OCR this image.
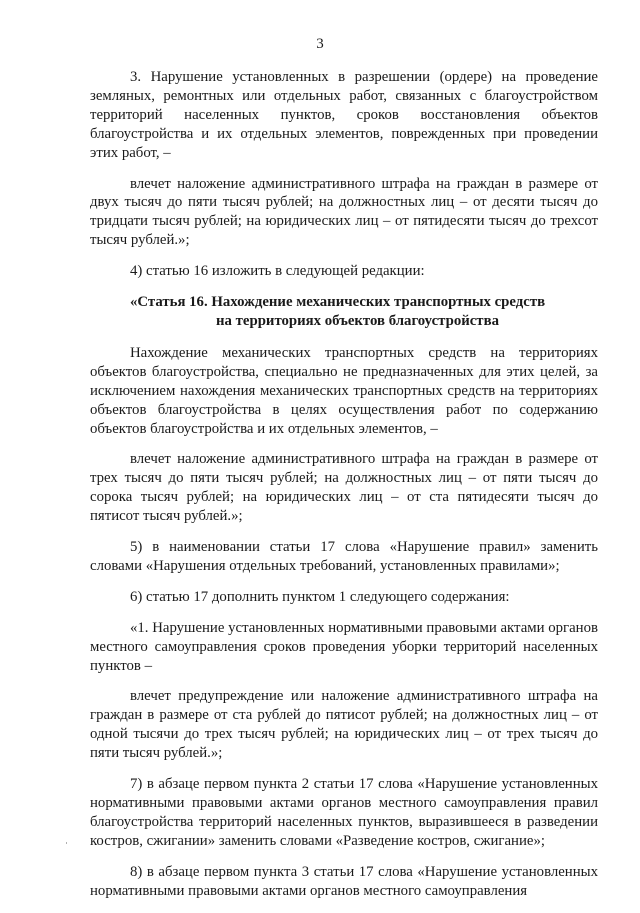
3

3. Нарушение установленных в разрешении (ордере) на проведение земляных, ремонтных или отдельных работ, связанных с благоустройством территорий населенных пунктов, сроков восстановления объектов благоустройства и их отдельных элементов, поврежденных при проведении этих работ, –

влечет наложение административного штрафа на граждан в размере от двух тысяч до пяти тысяч рублей; на должностных лиц – от десяти тысяч до тридцати тысяч рублей; на юридических лиц – от пятидесяти тысяч до трехсот тысяч рублей.»;

4) статью 16 изложить в следующей редакции:

«Статья 16. Нахождение механических транспортных средств
на территориях объектов благоустройства

Нахождение механических транспортных средств на территориях объектов благоустройства, специально не предназначенных для этих целей, за исключением нахождения механических транспортных средств на территориях объектов благоустройства в целях осуществления работ по содержанию объектов благоустройства и их отдельных элементов, –

влечет наложение административного штрафа на граждан в размере от трех тысяч до пяти тысяч рублей; на должностных лиц – от пяти тысяч до сорока тысяч рублей; на юридических лиц – от ста пятидесяти тысяч до пятисот тысяч рублей.»;

5) в наименовании статьи 17 слова «Нарушение правил» заменить словами «Нарушения отдельных требований, установленных правилами»;

6) статью 17 дополнить пунктом 1 следующего содержания:

«1. Нарушение установленных нормативными правовыми актами органов местного самоуправления сроков проведения уборки территорий населенных пунктов –

влечет предупреждение или наложение административного штрафа на граждан в размере от ста рублей до пятисот рублей; на должностных лиц – от одной тысячи до трех тысяч рублей; на юридических лиц – от трех тысяч до пяти тысяч рублей.»;

7) в абзаце первом пункта 2 статьи 17 слова «Нарушение установленных нормативными правовыми актами органов местного самоуправления правил благоустройства территорий населенных пунктов, выразившееся в разведении костров, сжигании» заменить словами «Разведение костров, сжигание»;

8) в абзаце первом пункта 3 статьи 17 слова «Нарушение установленных нормативными правовыми актами органов местного самоуправления
